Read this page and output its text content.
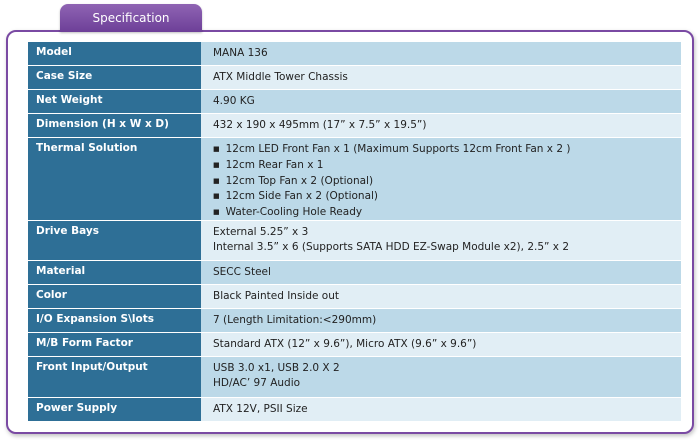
Specification
Model	MANA 136
Case Size	ATX Middle Tower Chassis
Net Weight	4.90 KG
Dimension (H x W x D)	432 x 190 x 495mm (17” x 7.5” x 19.5”)
Thermal Solution
■	12cm LED Front Fan x 1 (Maximum Supports 12cm Front Fan x 2 )
■ 12cm Rear Fan x 1
■ 12cm Top Fan x 2 (Optional)
■ 12cm Side Fan x 2 (Optional)
■ Water-Cooling Hole Ready
Drive Bays	External 5.25” x 3
Internal 3.5” x 6 (Supports SATA HDD EZ-Swap Module x2), 2.5” x 2
Material	SECC Steel
Color	Black Painted Inside out
I/O Expansion S\lots	7 (Length Limitation:<290mm)
M/B Form Factor	Standard ATX (12” x 9.6”), Micro ATX (9.6” x 9.6”)
Front Input/Output	USB 3.0 x1, USB 2.0 X 2
HD/AC’ 97 Audio
Power Supply	ATX 12V, PSII Size
